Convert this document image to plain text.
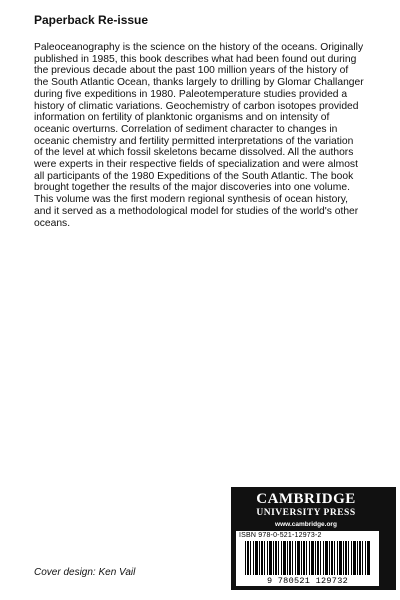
Paperback Re-issue

Paleoceanography is the science on the history of the oceans. Originally published in 1985, this book describes what had been found out during the previous decade about the past 100 million years of the history of the South Atlantic Ocean, thanks largely to drilling by Glomar Challanger during five expeditions in 1980. Paleotemperature studies provided a history of climatic variations. Geochemistry of carbon isotopes provided information on fertility of planktonic organisms and on intensity of oceanic overturns. Correlation of sediment character to changes in oceanic chemistry and fertility permitted interpretations of the variation of the level at which fossil skeletons became dissolved. All the authors were experts in their respective fields of specialization and were almost all participants of the 1980 Expeditions of the South Atlantic. The book brought together the results of the major discoveries into one volume. This volume was the first modern regional synthesis of ocean history, and it served as a methodological model for studies of the world's other oceans.

Cover design: Ken Vail
CAMBRIDGE
UNIVERSITY PRESS
www.cambridge.org
ISBN 978-0-521-12973-2
9 780521 129732
